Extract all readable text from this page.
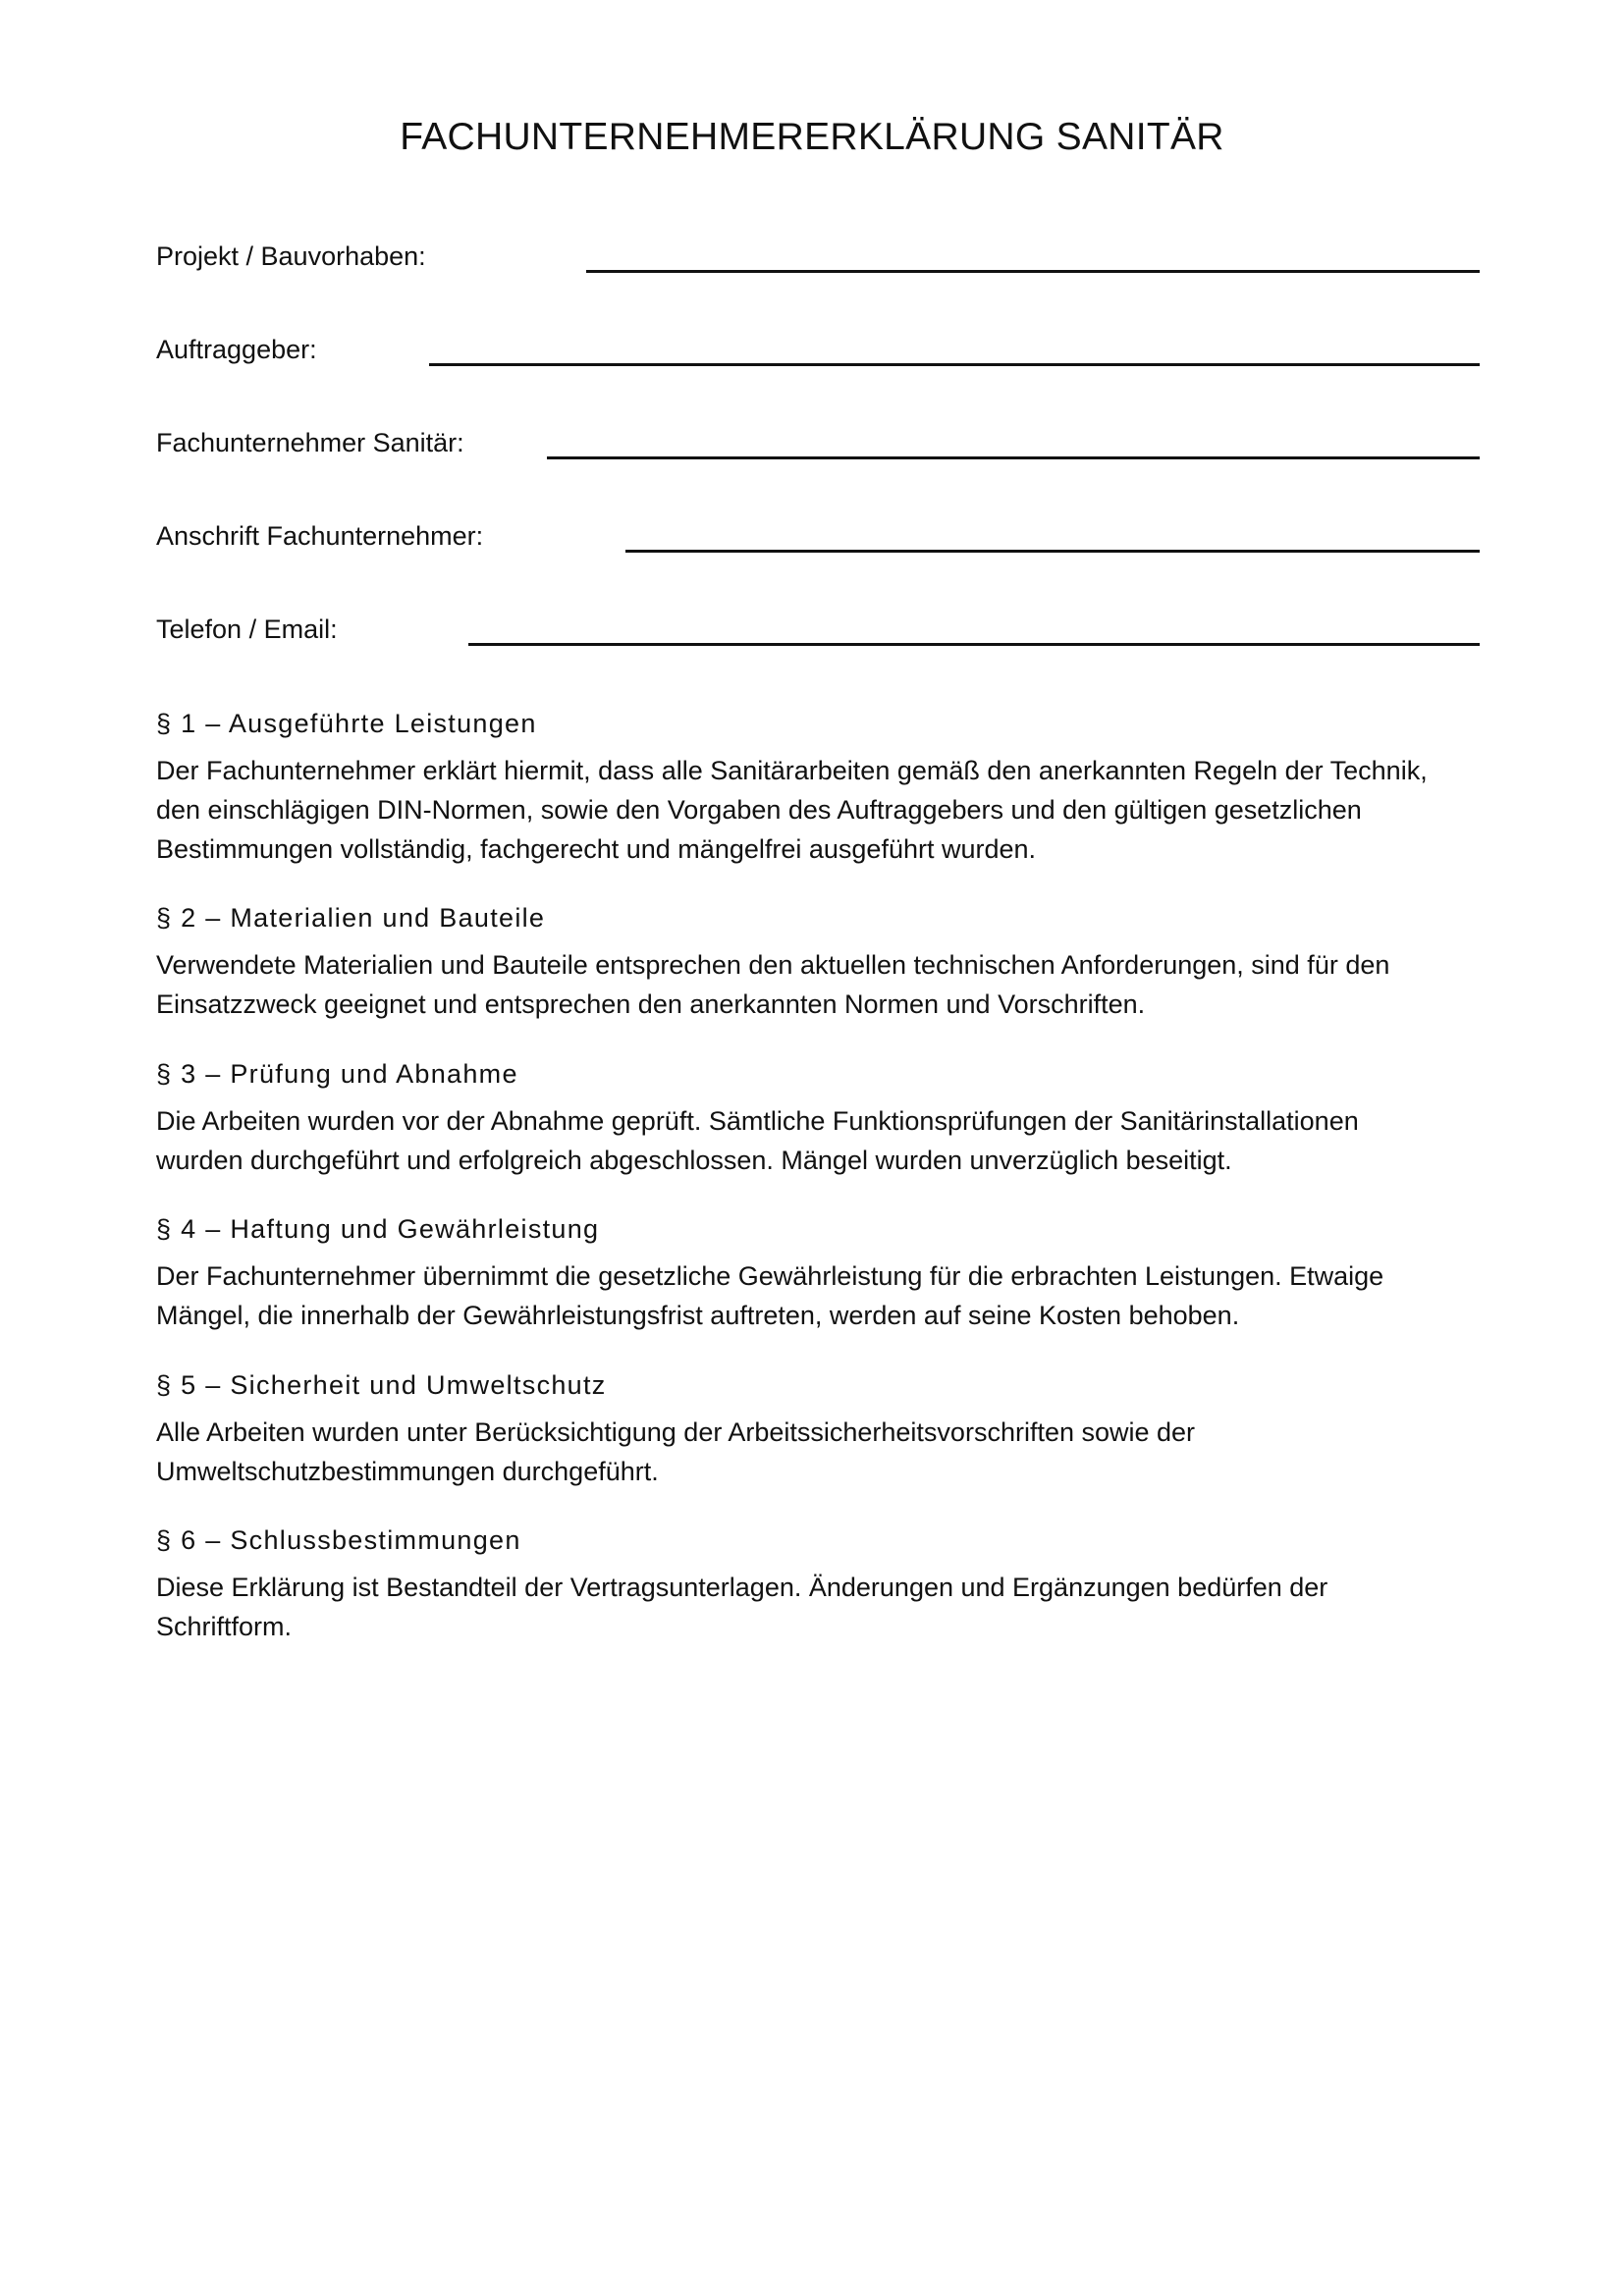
FACHUNTERNEHMERERKLÄRUNG SANITÄR
Projekt / Bauvorhaben:
Auftraggeber:
Fachunternehmer Sanitär:
Anschrift Fachunternehmer:
Telefon / Email:
§ 1 – Ausgeführte Leistungen

Der Fachunternehmer erklärt hiermit, dass alle Sanitärarbeiten gemäß den anerkannten Regeln der Technik,
den einschlägigen DIN-Normen, sowie den Vorgaben des Auftraggebers und den gültigen gesetzlichen
Bestimmungen vollständig, fachgerecht und mängelfrei ausgeführt wurden.

§ 2 – Materialien und Bauteile

Verwendete Materialien und Bauteile entsprechen den aktuellen technischen Anforderungen, sind für den
Einsatzzweck geeignet und entsprechen den anerkannten Normen und Vorschriften.

§ 3 – Prüfung und Abnahme

Die Arbeiten wurden vor der Abnahme geprüft. Sämtliche Funktionsprüfungen der Sanitärinstallationen
wurden durchgeführt und erfolgreich abgeschlossen. Mängel wurden unverzüglich beseitigt.

§ 4 – Haftung und Gewährleistung

Der Fachunternehmer übernimmt die gesetzliche Gewährleistung für die erbrachten Leistungen. Etwaige
Mängel, die innerhalb der Gewährleistungsfrist auftreten, werden auf seine Kosten behoben.

§ 5 – Sicherheit und Umweltschutz

Alle Arbeiten wurden unter Berücksichtigung der Arbeitssicherheitsvorschriften sowie der
Umweltschutzbestimmungen durchgeführt.

§ 6 – Schlussbestimmungen

Diese Erklärung ist Bestandteil der Vertragsunterlagen. Änderungen und Ergänzungen bedürfen der
Schriftform.
